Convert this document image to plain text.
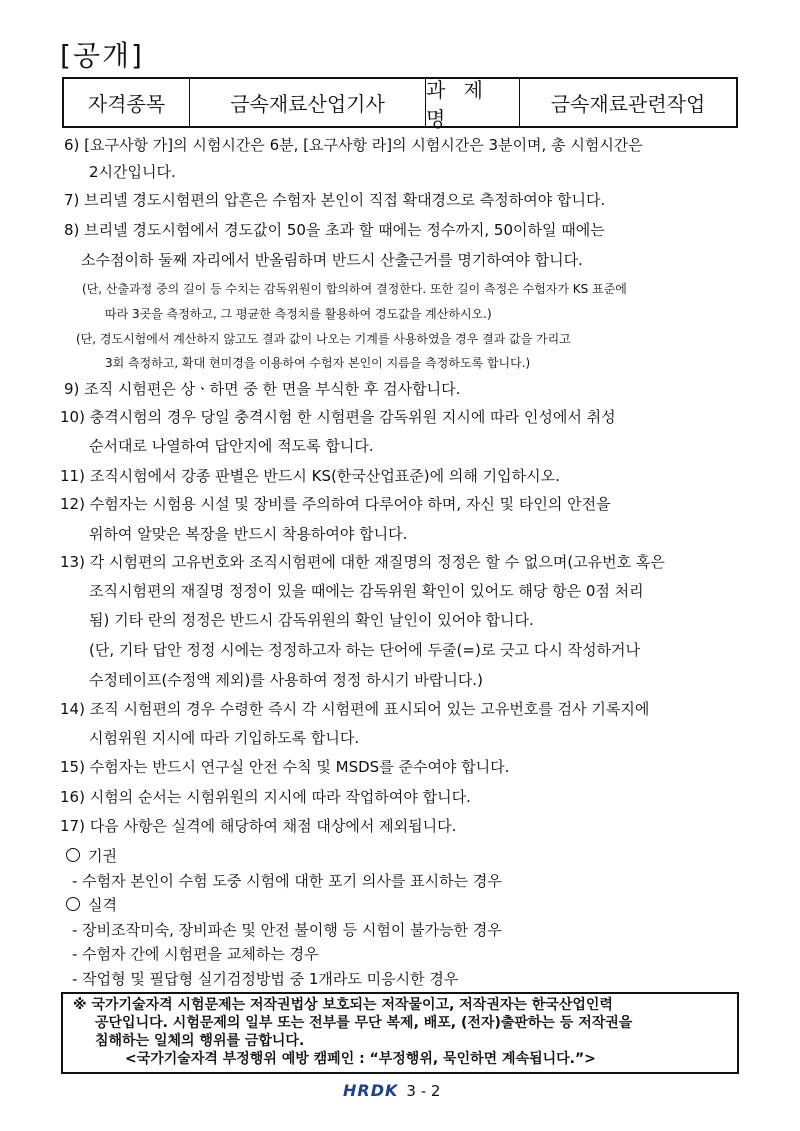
[공개]
자격종목	금속재료산업기사
과 제 명
금속재료관련작업
6) [요구사항 가]의 시험시간은 6분, [요구사항 라]의 시험시간은 3분이며, 총 시험시간은
2시간입니다.
7) 브리넬 경도시험편의 압흔은 수험자 본인이 직접 확대경으로 측정하여야 합니다.
8) 브리넬 경도시험에서 경도값이 50을 초과 할 때에는 정수까지, 50이하일 때에는
소수점이하 둘째 자리에서 반올림하며 반드시 산출근거를 명기하여야 합니다.
(단, 산출과정 중의 길이 등 수치는 감독위원이 합의하여 결정한다. 또한 길이 측정은 수험자가 KS 표준에
따라 3곳을 측정하고, 그 평균한 측정치를 활용하여 경도값을 계산하시오.)
(단, 경도시험에서 계산하지 않고도 결과 값이 나오는 기계를 사용하였을 경우 결과 값을 가리고
3회 측정하고, 확대 현미경을 이용하여 수험자 본인이 지름을 측정하도록 합니다.)
9) 조직 시험편은 상ㆍ하면 중 한 면을 부식한 후 검사합니다.
10) 충격시험의 경우 당일 충격시험 한 시험편을 감독위원 지시에 따라 인성에서 취성
순서대로 나열하여 답안지에 적도록 합니다.
11) 조직시험에서 강종 판별은 반드시 KS(한국산업표준)에 의해 기입하시오.
12) 수험자는 시험용 시설 및 장비를 주의하여 다루어야 하며, 자신 및 타인의 안전을
위하여 알맞은 복장을 반드시 착용하여야 합니다.
13) 각 시험편의 고유번호와 조직시험편에 대한 재질명의 정정은 할 수 없으며(고유번호 혹은
조직시험편의 재질명 정정이 있을 때에는 감독위원 확인이 있어도 해당 항은 0점 처리
됨) 기타 란의 정정은 반드시 감독위원의 확인 날인이 있어야 합니다.
(단, 기타 답안 정정 시에는 정정하고자 하는 단어에 두줄(=)로 긋고 다시 작성하거나
수정테이프(수정액 제외)를 사용하여 정정 하시기 바랍니다.)
14) 조직 시험편의 경우 수령한 즉시 각 시험편에 표시되어 있는 고유번호를 검사 기록지에
시험위원 지시에 따라 기입하도록 합니다.
15) 수험자는 반드시 연구실 안전 수칙 및 MSDS를 준수여야 합니다.
16) 시험의 순서는 시험위원의 지시에 따라 작업하여야 합니다.
17) 다음 사항은 실격에 해당하여 채점 대상에서 제외됩니다.
기권
- 수험자 본인이 수험 도중 시험에 대한 포기 의사를 표시하는 경우
실격
- 장비조작미숙, 장비파손 및 안전 불이행 등 시험이 불가능한 경우
- 수험자 간에 시험편을 교체하는 경우
- 작업형 및 필답형 실기검정방법 중 1개라도 미응시한 경우
※ 국가기술자격 시험문제는 저작권법상 보호되는 저작물이고, 저작권자는 한국산업인력
공단입니다. 시험문제의 일부 또는 전부를 무단 복제, 배포, (전자)출판하는 등 저작권을
침해하는 일체의 행위를 금합니다.
<국가기술자격 부정행위 예방 캠페인 : “부정행위, 묵인하면 계속됩니다.”>
HRDK 3 - 2
